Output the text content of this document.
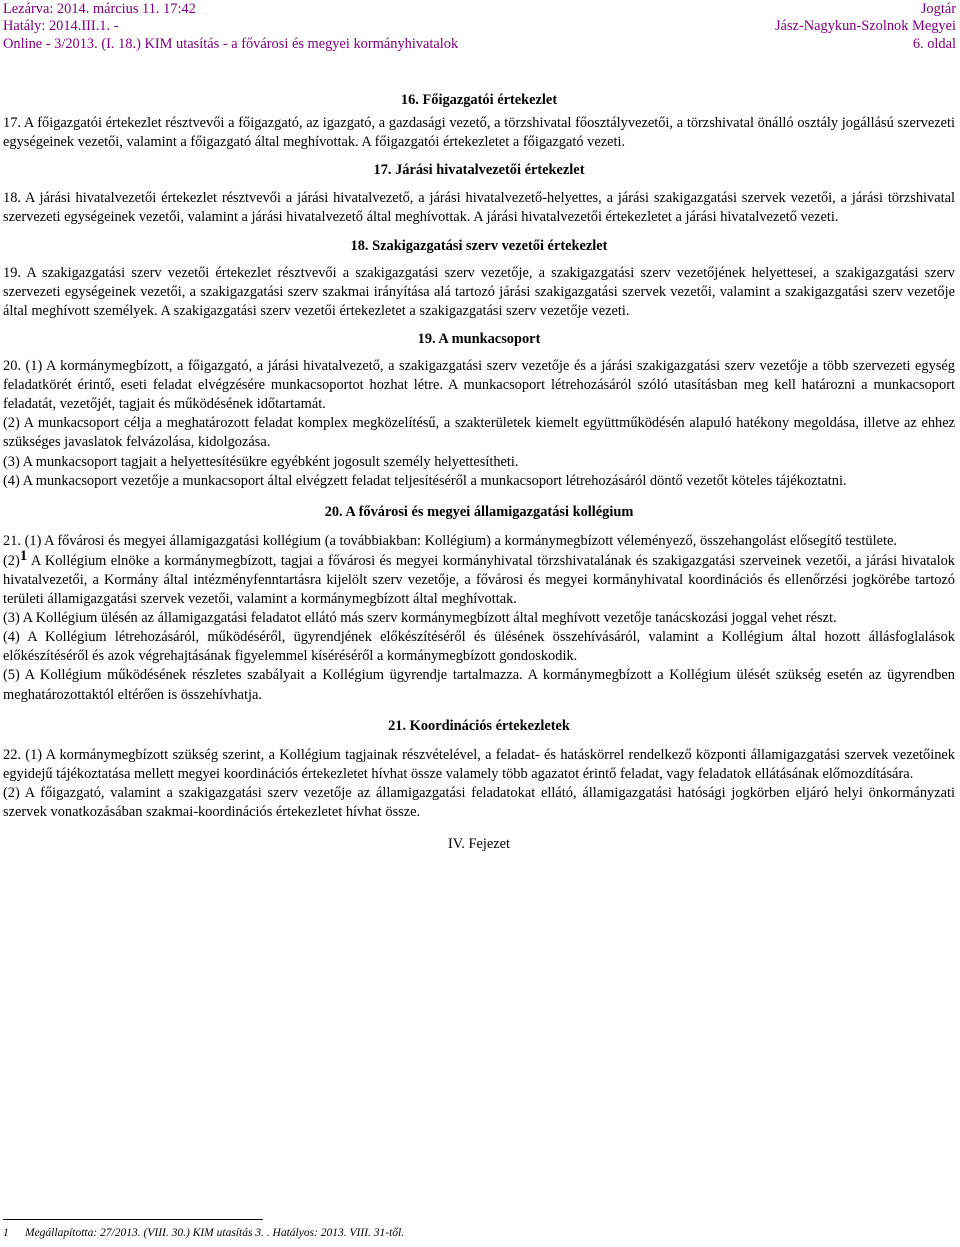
Lezárva: 2014. március 11. 17:42
Hatály: 2014.III.1. -
Online - 3/2013. (I. 18.) KIM utasítás - a fővárosi és megyei kormányhivatalok
Jogtár
Jász-Nagykun-Szolnok Megyei
6. oldal
16. Főigazgatói értekezlet

17. A főigazgatói értekezlet résztvevői a főigazgató, az igazgató, a gazdasági vezető, a törzshivatal főosztályvezetői, a törzshivatal önálló osztály jogállású szervezeti egységeinek vezetői, valamint a főigazgató által meghívottak. A főigazgatói értekezletet a főigazgató vezeti.

17. Járási hivatalvezetői értekezlet

18. A járási hivatalvezetői értekezlet résztvevői a járási hivatalvezető, a járási hivatalvezető-helyettes, a járási szakigazgatási szervek vezetői, a járási törzshivatal szervezeti egységeinek vezetői, valamint a járási hivatalvezető által meghívottak. A járási hivatalvezetői értekezletet a járási hivatalvezető vezeti.

18. Szakigazgatási szerv vezetői értekezlet

19. A szakigazgatási szerv vezetői értekezlet résztvevői a szakigazgatási szerv vezetője, a szakigazgatási szerv vezetőjének helyettesei, a szakigazgatási szerv szervezeti egységeinek vezetői, a szakigazgatási szerv szakmai irányítása alá tartozó járási szakigazgatási szervek vezetői, valamint a szakigazgatási szerv vezetője által meghívott személyek. A szakigazgatási szerv vezetői értekezletet a szakigazgatási szerv vezetője vezeti.

19. A munkacsoport

20. (1) A kormánymegbízott, a főigazgató, a járási hivatalvezető, a szakigazgatási szerv vezetője és a járási szakigazgatási szerv vezetője a több szervezeti egység feladatkörét érintő, eseti feladat elvégzésére munkacsoportot hozhat létre. A munkacsoport létrehozásáról szóló utasításban meg kell határozni a munkacsoport feladatát, vezetőjét, tagjait és működésének időtartamát.

(2) A munkacsoport célja a meghatározott feladat komplex megközelítésű, a szakterületek kiemelt együttműködésén alapuló hatékony megoldása, illetve az ehhez szükséges javaslatok felvázolása, kidolgozása.

(3) A munkacsoport tagjait a helyettesítésükre egyébként jogosult személy helyettesítheti.

(4) A munkacsoport vezetője a munkacsoport által elvégzett feladat teljesítéséről a munkacsoport létrehozásáról döntő vezetőt köteles tájékoztatni.

20. A fővárosi és megyei államigazgatási kollégium

21. (1) A fővárosi és megyei államigazgatási kollégium (a továbbiakban: Kollégium) a kormánymegbízott véleményező, összehangolást elősegítő testülete.

(2)$^1$ A Kollégium elnöke a kormánymegbízott, tagjai a fővárosi és megyei kormányhivatal törzshivatalának és szakigazgatási szerveinek vezetői, a járási hivatalok hivatalvezetői, a Kormány által intézményfenntartásra kijelölt szerv vezetője, a fővárosi és megyei kormányhivatal koordinációs és ellenőrzési jogkörébe tartozó területi államigazgatási szervek vezetői, valamint a kormánymegbízott által meghívottak.

(3) A Kollégium ülésén az államigazgatási feladatot ellátó más szerv kormánymegbízott által meghívott vezetője tanácskozási joggal vehet részt.

(4) A Kollégium létrehozásáról, működéséről, ügyrendjének előkészítéséről és ülésének összehívásáról, valamint a Kollégium által hozott állásfoglalások előkészítéséről és azok végrehajtásának figyelemmel kíséréséről a kormánymegbízott gondoskodik.

(5) A Kollégium működésének részletes szabályait a Kollégium ügyrendje tartalmazza. A kormánymegbízott a Kollégium ülését szükség esetén az ügyrendben meghatározottaktól eltérően is összehívhatja.

21. Koordinációs értekezletek

22. (1) A kormánymegbízott szükség szerint, a Kollégium tagjainak részvételével, a feladat- és hatáskörrel rendelkező központi államigazgatási szervek vezetőinek egyidejű tájékoztatása mellett megyei koordinációs értekezletet hívhat össze valamely több agazatot érintő feladat, vagy feladatok ellátásának előmozdítására.

(2) A főigazgató, valamint a szakigazgatási szerv vezetője az államigazgatási feladatokat ellátó, államigazgatási hatósági jogkörben eljáró helyi önkormányzati szervek vonatkozásában szakmai-koordinációs értekezletet hívhat össze.

IV. Fejezet
1 Megállapította: 27/2013. (VIII. 30.) KIM utasítás 3. . Hatályos: 2013. VIII. 31-től.
